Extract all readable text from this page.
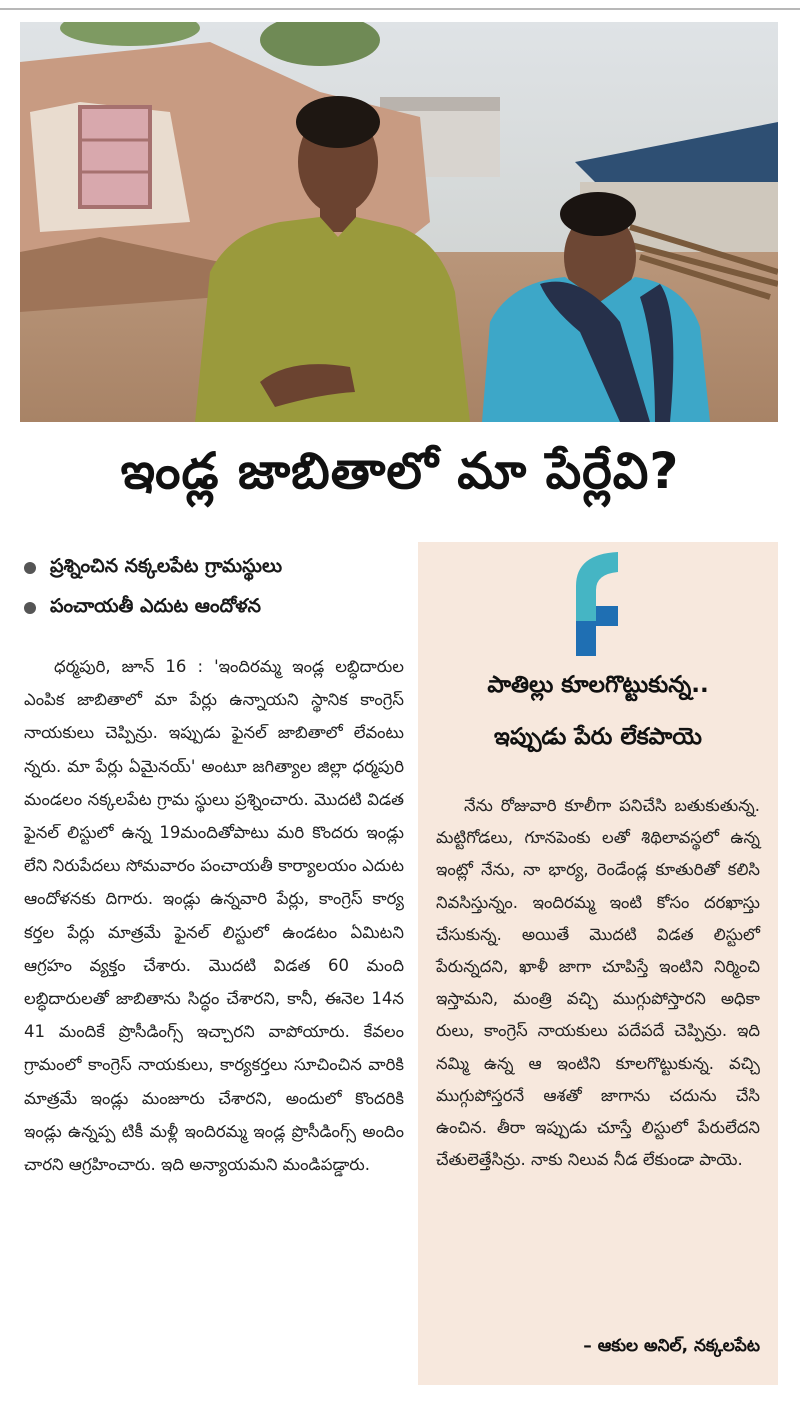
ఇండ్ల జాబితాలో మా పేర్లేవి?
ప్రశ్నించిన నక్కలపేట గ్రామస్థులు
పంచాయతీ ఎదుట ఆందోళన

ధర్మపురి, జూన్ 16 : 'ఇందిరమ్మ ఇండ్ల లబ్ధిదారుల ఎంపిక జాబితాలో మా పేర్లు ఉన్నాయని స్థానిక కాంగ్రెస్ నాయకులు చెప్పిన్రు. ఇప్పుడు ఫైనల్ జాబితాలో లేవంటు న్నరు. మా పేర్లు ఏమైనయ్' అంటూ జగిత్యాల జిల్లా ధర్మపురి మండలం నక్కలపేట గ్రామ స్థులు ప్రశ్నించారు. మొదటి విడత ఫైనల్ లిస్టులో ఉన్న 19మందితోపాటు మరి కొందరు ఇండ్లు లేని నిరుపేదలు సోమవారం పంచాయతీ కార్యాలయం ఎదుట ఆందోళనకు దిగారు. ఇండ్లు ఉన్నవారి పేర్లు, కాంగ్రెస్ కార్య కర్తల పేర్లు మాత్రమే ఫైనల్ లిస్టులో ఉండటం ఏమిటని ఆగ్రహం వ్యక్తం చేశారు. మొదటి విడత 60 మంది లబ్ధిదారులతో జాబితాను సిద్ధం చేశారని, కానీ, ఈనెల 14న 41 మందికే ప్రొసీడింగ్స్ ఇచ్చారని వాపోయారు. కేవలం గ్రామంలో కాంగ్రెస్ నాయకులు, కార్యకర్తలు సూచించిన వారికి మాత్రమే ఇండ్లు మంజూరు చేశారని, అందులో కొందరికి ఇండ్లు ఉన్నప్ప టికీ మళ్లీ ఇందిరమ్మ ఇండ్ల ప్రొసీడింగ్స్ అందిం చారని ఆగ్రహించారు. ఇది అన్యాయమని మండిపడ్డారు.

పాతిల్లు కూలగొట్టుకున్న..
ఇప్పుడు పేరు లేకపాయె

నేను రోజువారి కూలీగా పనిచేసి బతుకుతున్న. మట్టిగోడలు, గూనపెంకు లతో శిథిలావస్థలో ఉన్న ఇంట్లో నేను, నా భార్య, రెండేండ్ల కూతురితో కలిసి నివసిస్తున్నం. ఇందిరమ్మ ఇంటి కోసం దరఖాస్తు చేసుకున్న. అయితే మొదటి విడత లిస్టులో పేరున్నదని, ఖాళీ జాగా చూపిస్తే ఇంటిని నిర్మించి ఇస్తామని, మంత్రి వచ్చి ముగ్గుపోస్తారని అధికా రులు, కాంగ్రెస్ నాయకులు పదేపదే చెప్పిన్రు. ఇది నమ్మి ఉన్న ఆ ఇంటిని కూలగొట్టుకున్న. వచ్చి ముగ్గుపోస్తరనే ఆశతో జాగాను చదును చేసి ఉంచిన. తీరా ఇప్పుడు చూస్తే లిస్టులో పేరులేదని చేతులెత్తేసిన్రు. నాకు నిలువ నీడ లేకుండా పాయె.

– ఆకుల అనిల్, నక్కలపేట
